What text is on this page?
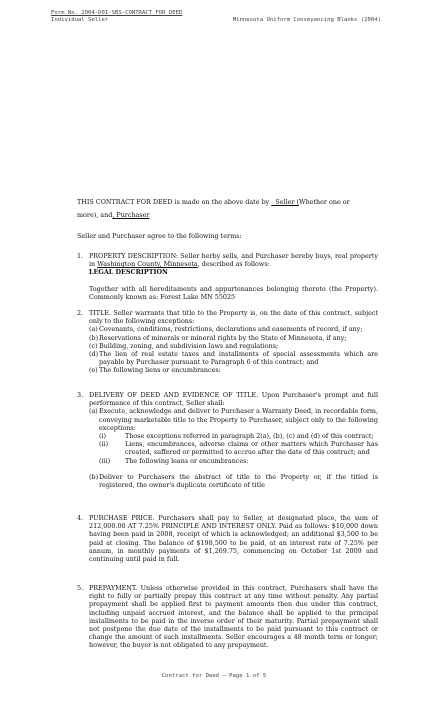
Form No. 2004-D01-SBS-CONTRACT FOR DEED
Individual Seller	Minnesota Uniform Conveyancing Blanks (2004)

THIS CONTRACT FOR DEED is made on the above date by   Seller (Whether one or

more), and, Purchaser

Seller and Purchaser agree to the following terms:

1. PROPERTY DESCRIPTION: Seller herby sells, and Purchaser hereby buys, real property in Washington County, Minnesota, described as follows:

LEGAL DESCRIPTION

Together with all hereditaments and appurtenances belonging thereto (the Property). Commonly known as: Forest Lake MN 55025

2. TITLE. Seller warrants that title to the Property is, on the date of this contract, subject only to the following exceptions:

(a) Covenants, conditions, restrictions, declarations and easements of record, if any;
(b) Reservations of minerals or mineral rights by the State of Minnesota, if any;
(c) Building, zoning, and subdivision laws and regulations;
(d) The lien of real estate taxes and installments of special assessments which are payable by Purchaser pursuant to Paragraph 6 of this contract; and
(e) The following liens or encumbrances:
3. DELIVERY OF DEED AND EVIDENCE OF TITLE. Upon Purchaser's prompt and full performance of this contract, Seller shall:

(a) Execute, acknowledge and deliver to Purchaser a Warranty Deed, in recordable form, conveying marketable title to the Property to Purchaser, subject only to the following exceptions:
(i)	Those exceptions referred in paragraph 2(a), (b), (c) and (d) of this contract;
(ii)	Liens, encumbrances, adverse claims or other matters which Purchaser has created, suffered or permitted to accrue after the date of this contract; and
(iii) The following leans or encumbrances:
(b) Deliver to Purchasers the abstract of title to the Property or, if the titled is registered, the owner's duplicate certificate of title
4. PURCHASE PRICE. Purchasers shall pay to Seller, at designated place, the sum of 212,000.00 AT 7.25% PRINCIPLE AND INTEREST ONLY. Paid as follows: $10,000 down having been paid in 2008, receipt of which is acknowledged; an additional $3,500 to be paid at closing. The balance of $198,500 to be paid, at an interest rate of 7.25% per annum, in monthly payments of $1,269.75, commencing on October 1st 2009 and continuing until paid in full.

5. PREPAYMENT. Unless otherwise provided in this contract, Purchasers shall have the right to fully or partially prepay this contract at any time without penalty. Any partial prepayment shall be applied first to payment amounts then due under this contract, including unpaid accrued interest, and the balance shall be applied to the principal installments to be paid in the inverse order of their maturity. Partial prepayment shall not postpone the due date of the installments to be paid pursuant to this contract or change the amount of such installments. Seller encourages a 48 month term or longer; however, the buyer is not obligated to any prepayment.

Contract for Deed – Page 1 of 5
